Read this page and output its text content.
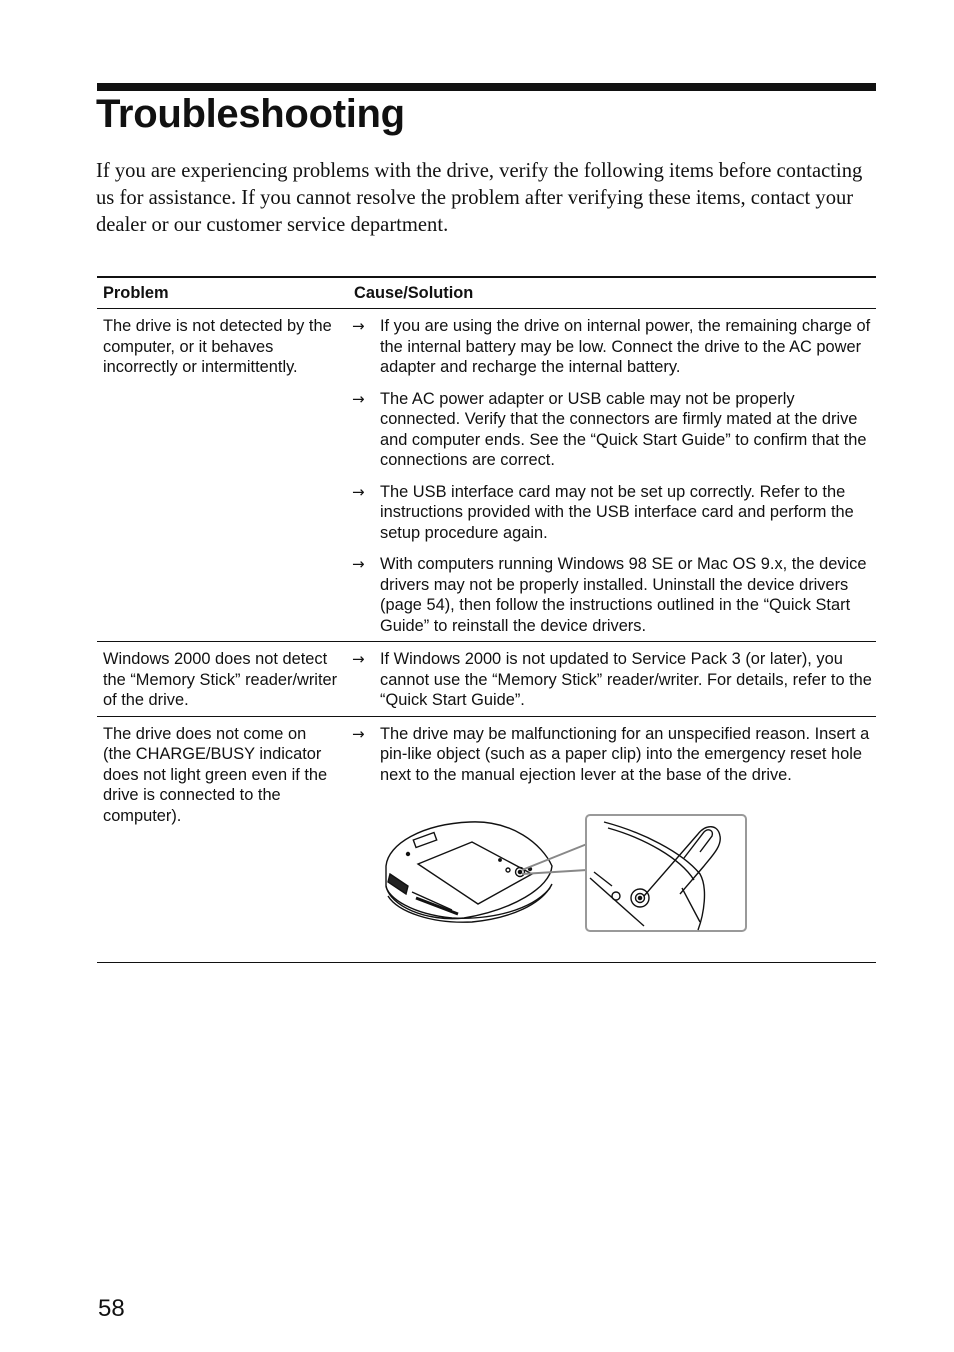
Troubleshooting

If you are experiencing problems with the drive, verify the following items before contacting us for assistance. If you cannot resolve the problem after verifying these items, contact your dealer or our customer service department.

Problem	Cause/Solution
The drive is not detected by the computer, or it behaves incorrectly or intermittently.
→ If you are using the drive on internal power, the remaining charge of the internal battery may be low. Connect the drive to the AC power adapter and recharge the internal battery.
→ The AC power adapter or USB cable may not be properly connected. Verify that the connectors are firmly mated at the drive and computer ends. See the “Quick Start Guide” to confirm that the connections are correct.
→ The USB interface card may not be set up correctly. Refer to the instructions provided with the USB interface card and perform the setup procedure again.
→ With computers running Windows 98 SE or Mac OS 9.x, the device drivers may not be properly installed. Uninstall the device drivers (page 54), then follow the instructions outlined in the “Quick Start Guide” to reinstall the device drivers.
Windows 2000 does not detect the “Memory Stick” reader/writer of the drive.
→ If Windows 2000 is not updated to Service Pack 3 (or later), you cannot use the “Memory Stick” reader/writer. For details, refer to the “Quick Start Guide”.
The drive does not come on (the CHARGE/BUSY indicator does not light green even if the drive is connected to the computer).
→ The drive may be malfunctioning for an unspecified reason. Insert a pin-like object (such as a paper clip) into the emergency reset hole next to the manual ejection lever at the base of the drive.
58
